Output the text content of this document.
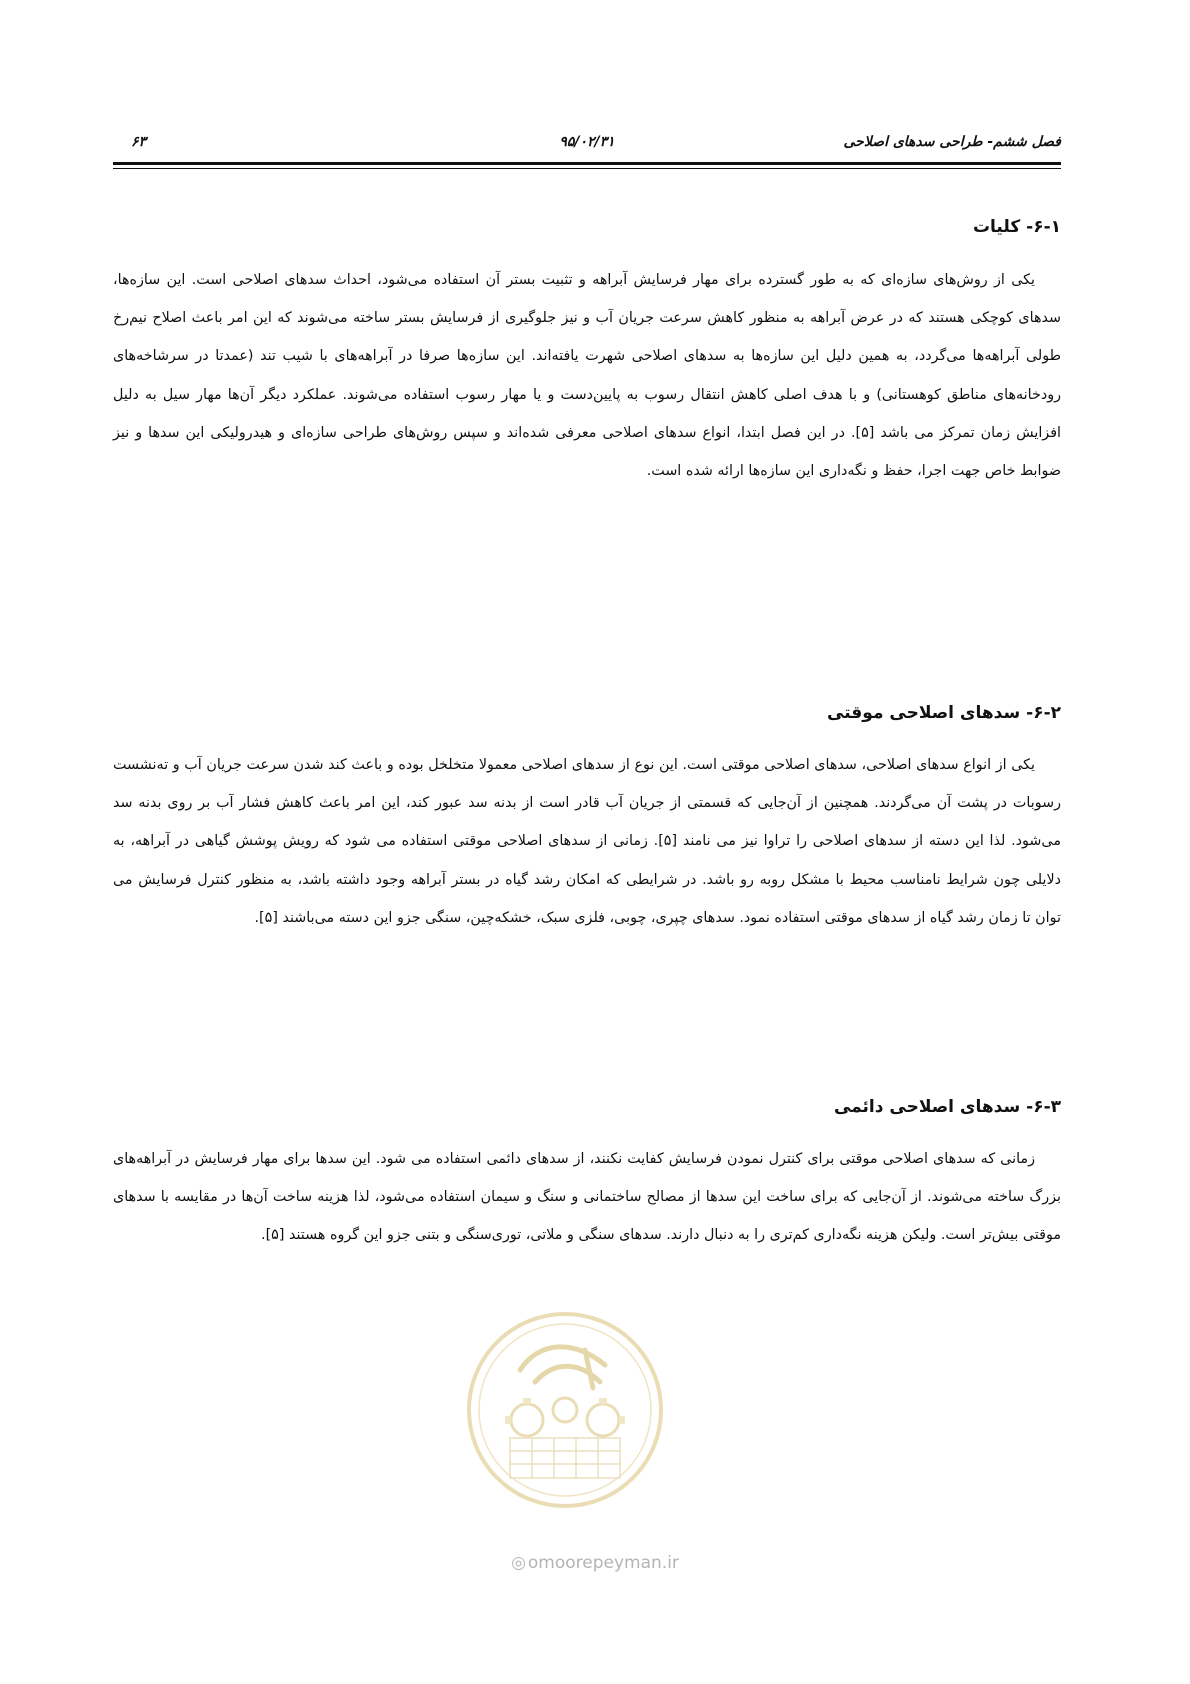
فصل ششم- طراحی سدهای اصلاحی
۹۵/۰۲/۳۱
۶۳
۶-۱- کلیات

یکی از روش‌های سازه‌ای که به طور گسترده برای مهار فرسایش آبراهه و تثبیت بستر آن استفاده می‌شود، احداث سدهای اصلاحی است. این سازه‌ها، سدهای کوچکی هستند که در عرض آبراهه به منظور کاهش سرعت جریان آب و نیز جلوگیری از فرسایش بستر ساخته می‌شوند که این امر باعث اصلاح نیم‌رخ طولی آبراهه‌ها می‌گردد، به همین دلیل این سازه‌ها به سدهای اصلاحی شهرت یافته‌اند. این سازه‌ها صرفا در آبراهه‌های با شیب تند (عمدتا در سرشاخه‌های رودخانه‌های مناطق کوهستانی) و با هدف اصلی کاهش انتقال رسوب به پایین‌دست و یا مهار رسوب استفاده می‌شوند. عملکرد دیگر آن‌ها مهار سیل به دلیل افزایش زمان تمرکز می باشد [۵]. در این فصل ابتدا، انواع سدهای اصلاحی معرفی شده‌اند و سپس روش‌های طراحی سازه‌ای و هیدرولیکی این سدها و نیز ضوابط خاص جهت اجرا، حفظ و نگه‌داری این سازه‌ها ارائه شده است.

۶-۲- سدهای اصلاحی موقتی

یکی از انواع سدهای اصلاحی، سدهای اصلاحی موقتی است. این نوع از سدهای اصلاحی معمولا متخلخل بوده و باعث کند شدن سرعت جریان آب و ته‌نشست رسوبات در پشت آن می‌گردند. همچنین از آن‌جایی که قسمتی از جریان آب قادر است از بدنه سد عبور کند، این امر باعث کاهش فشار آب بر روی بدنه سد می‌شود. لذا این دسته از سدهای اصلاحی را تراوا نیز می نامند [۵]. زمانی از سدهای اصلاحی موقتی استفاده می شود که رویش پوشش گیاهی در آبراهه، به دلایلی چون شرایط نامناسب محیط با مشکل روبه رو باشد. در شرایطی که امکان رشد گیاه در بستر آبراهه وجود داشته باشد، به منظور کنترل فرسایش می توان تا زمان رشد گیاه از سدهای موقتی استفاده نمود. سدهای چپری، چوبی، فلزی سبک، خشکه‌چین، سنگی جزو این دسته می‌باشند [۵].

۶-۳- سدهای اصلاحی دائمی

زمانی که سدهای اصلاحی موقتی برای کنترل نمودن فرسایش کفایت نکنند، از سدهای دائمی استفاده می شود. این سدها برای مهار فرسایش در آبراهه‌های بزرگ ساخته می‌شوند. از آن‌جایی که برای ساخت این سدها از مصالح ساختمانی و سنگ و سیمان استفاده می‌شود، لذا هزینه ساخت آن‌ها در مقایسه با سدهای موقتی بیش‌تر است. ولیکن هزینه نگه‌داری کم‌تری را به دنبال دارند. سدهای سنگی و ملاتی، توری‌سنگی و بتنی جزو این گروه هستند [۵].

◎ omoorepeyman.ir
